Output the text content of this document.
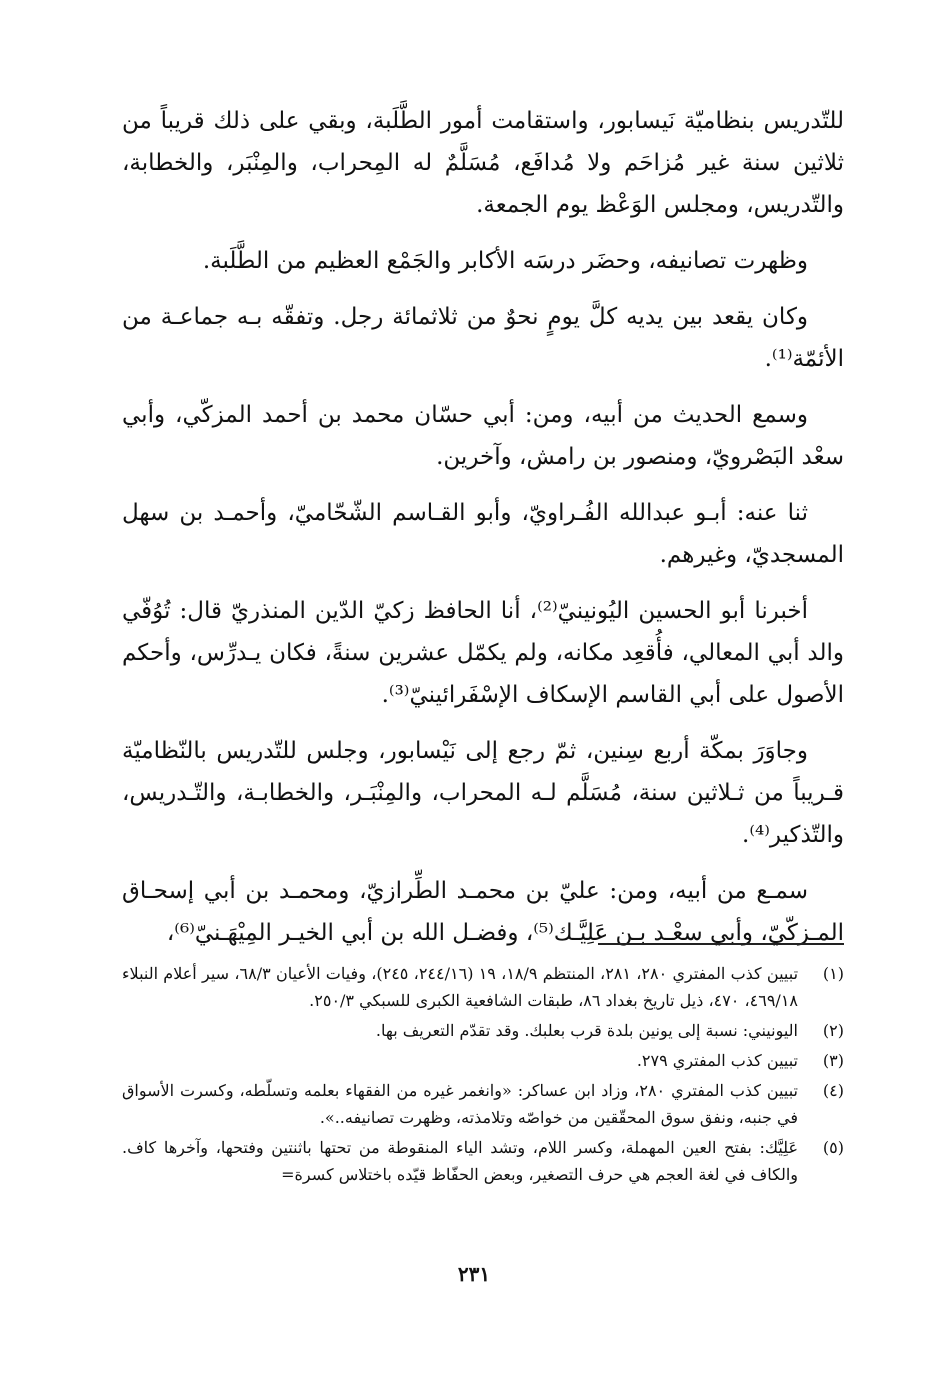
للتّدريس بنظاميّة نَيسابور، واستقامت أمور الطَّلَبة، وبقي على ذلك قريباً من ثلاثين سنة غير مُزاحَم ولا مُدافَع، مُسَلَّمٌ له المِحراب، والمِنْبَر، والخطابة، والتّدريس، ومجلس الوَعْظ يوم الجمعة.

وظهرت تصانيفه، وحضَر درسَه الأكابر والجَمْع العظيم من الطَّلَبة.

وكان يقعد بين يديه كلَّ يومٍ نحوٌ من ثلاثمائة رجل. وتفقّه بـه جماعـة من الأئمّة⁽¹⁾.

وسمع الحديث من أبيه، ومن: أبي حسّان محمد بن أحمد المزكّي، وأبي سعْد البَصْرويّ، ومنصور بن رامش، وآخرين.

ثنا عنه: أبـو عبدالله الفُـراويّ، وأبو القـاسم الشّحّاميّ، وأحمـد بن سهل المسجديّ، وغيرهم.

أخبرنا أبو الحسين اليُونينيّ⁽²⁾، أنا الحافظ زكيّ الدّين المنذريّ قال: تُوُفّي والد أبي المعالي، فأُقعِد مكانه، ولم يكمّل عشرين سنةً، فكان يـدرِّس، وأحكم الأصول على أبي القاسم الإسكاف الإسْفَرائينيّ⁽³⁾.

وجاوَرَ بمكّة أربع سِنين، ثمّ رجع إلى نَيْسابور، وجلس للتّدريس بالنّظاميّة قـريباً من ثـلاثين سنة، مُسَلَّم لـه المحراب، والمِنْبَـر، والخطابـة، والتّـدريس، والتّذكير⁽⁴⁾.

سمـع من أبيه، ومن: عليّ بن محمـد الطِّرازيّ، ومحمـد بن أبي إسحـاق المـزكّيّ، وأبي سعْـد بـن عَلِيَّـك⁽⁵⁾، وفضـل الله بن أبي الخيـر المِيْهَـنيّ⁽⁶⁾،

(١)
تبيين كذب المفتري ٢٨٠، ٢٨١، المنتظم ١٨/٩، ١٩ (٢٤٤/١٦، ٢٤٥)، وفيات الأعيان ٦٨/٣، سير أعلام النبلاء ٤٦٩/١٨، ٤٧٠، ذيل تاريخ بغداد ٨٦، طبقات الشافعية الكبرى للسبكي ٢٥٠/٣.
(٢)
اليونيني: نسبة إلى يونين بلدة قرب بعلبك. وقد تقدّم التعريف بها.
(٣)
تبيين كذب المفتري ٢٧٩.
(٤)
تبيين كذب المفتري ٢٨٠، وزاد ابن عساكر: «وانغمر غيره من الفقهاء بعلمه وتسلّطه، وكسرت الأسواق في جنبه، ونفق سوق المحقّقين من خواصّه وتلامذته، وظهرت تصانيفه..».
(٥)
عَلِيَّك: بفتح العين المهملة، وكسر اللام، وتشد الياء المنقوطة من تحتها باثنتين وفتحها، وآخرها كاف. والكاف في لغة العجم هي حرف التصغير، وبعض الحفّاظ قيّده باختلاس كسرة=
٢٣١
